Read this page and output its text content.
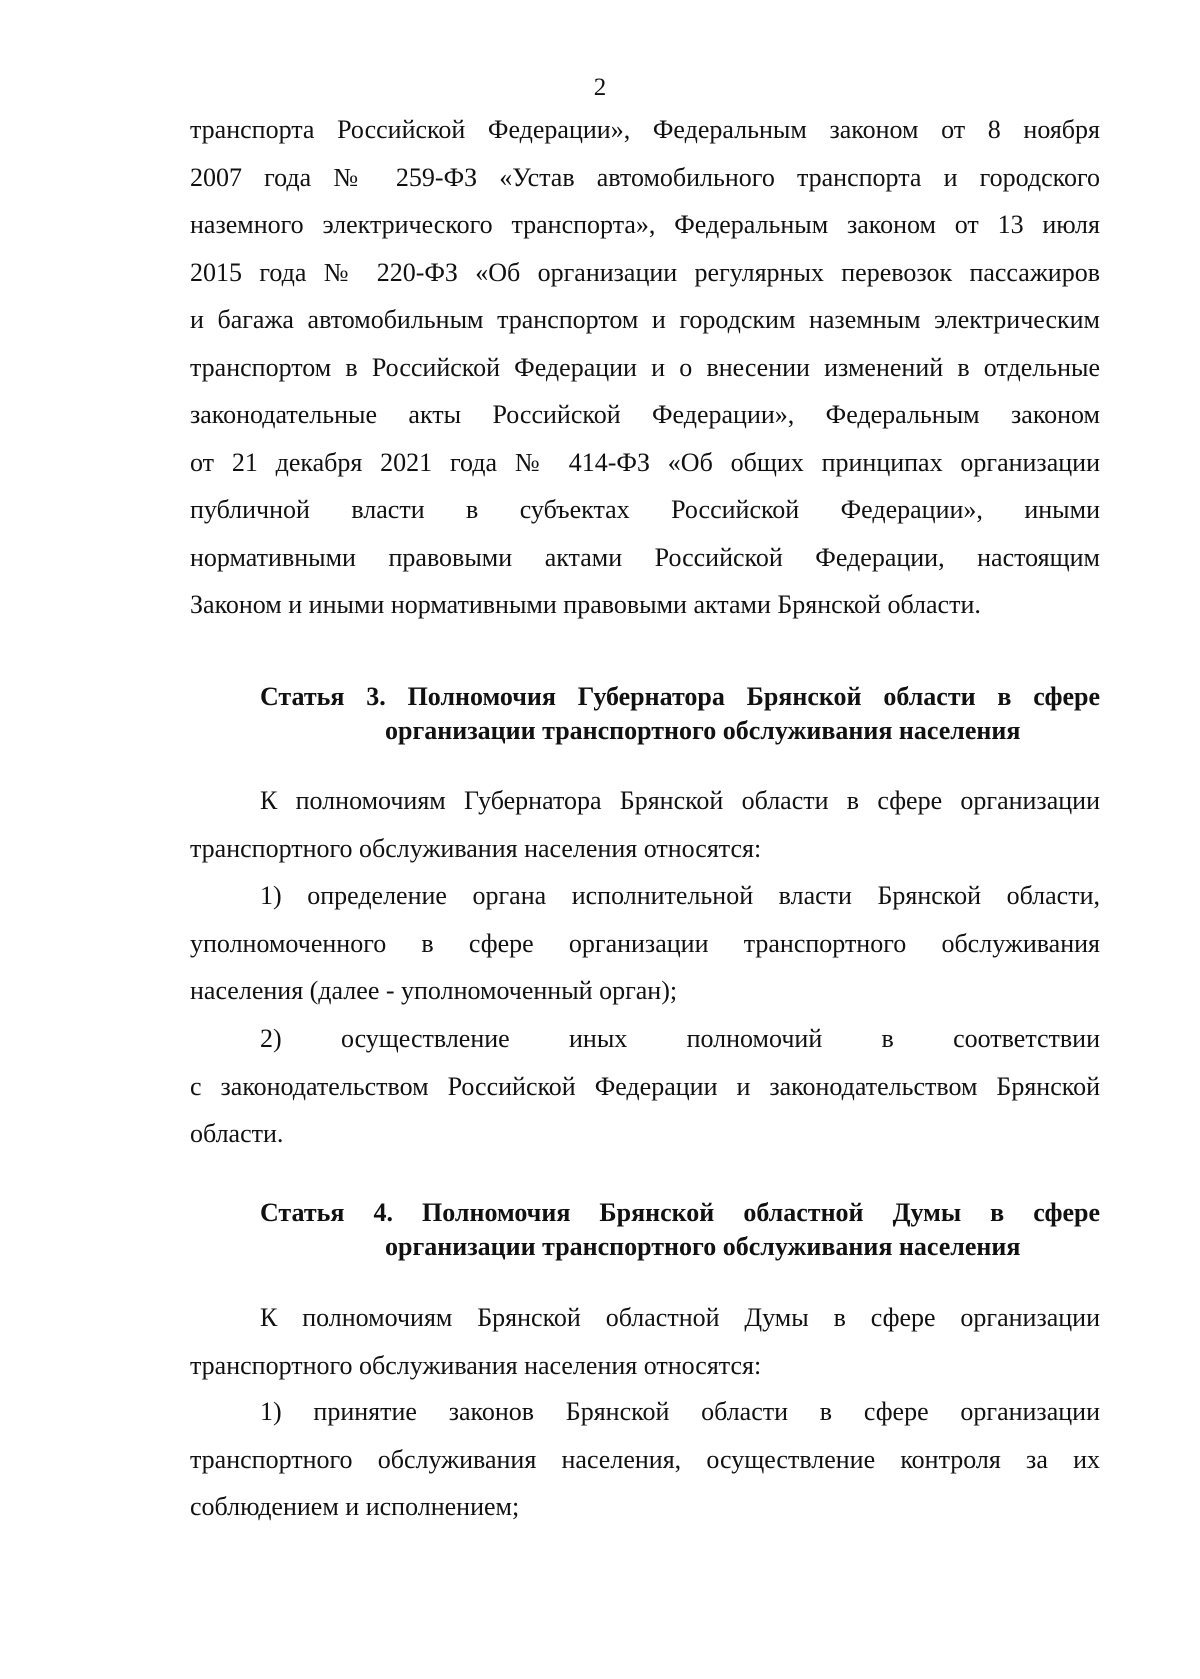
2
транспорта Российской Федерации», Федеральным законом от 8 ноября
2007 года № 259-ФЗ «Устав автомобильного транспорта и городского
наземного электрического транспорта», Федеральным законом от 13 июля
2015 года № 220-ФЗ «Об организации регулярных перевозок пассажиров
и багажа автомобильным транспортом и городским наземным электрическим
транспортом в Российской Федерации и о внесении изменений в отдельные
законодательные акты Российской Федерации», Федеральным законом
от 21 декабря 2021 года № 414-ФЗ «Об общих принципах организации
публичной власти в субъектах Российской Федерации», иными
нормативными правовыми актами Российской Федерации, настоящим
Законом и иными нормативными правовыми актами Брянской области.
Статья 3. Полномочия Губернатора Брянской области в сфере
организации транспортного обслуживания населения
К полномочиям Губернатора Брянской области в сфере организации
транспортного обслуживания населения относятся:
1) определение органа исполнительной власти Брянской области,
уполномоченного в сфере организации транспортного обслуживания
населения (далее - уполномоченный орган);
2) осуществление иных полномочий в соответствии
с законодательством Российской Федерации и законодательством Брянской
области.
Статья 4. Полномочия Брянской областной Думы в сфере
организации транспортного обслуживания населения
К полномочиям Брянской областной Думы в сфере организации
транспортного обслуживания населения относятся:
1) принятие законов Брянской области в сфере организации
транспортного обслуживания населения, осуществление контроля за их
соблюдением и исполнением;
